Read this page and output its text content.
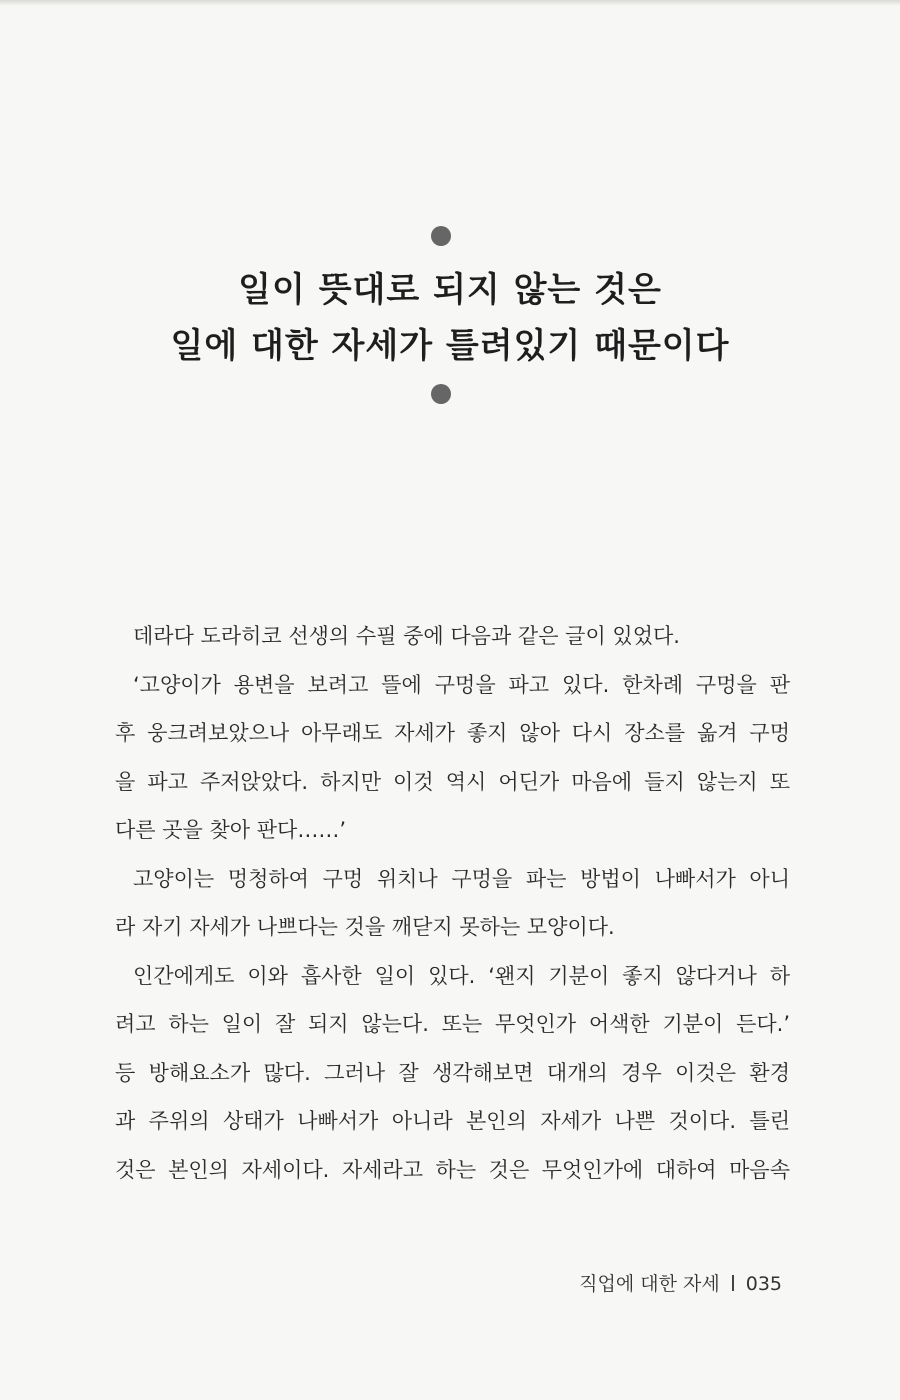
일이 뜻대로 되지 않는 것은
일에 대한 자세가 틀려있기 때문이다
데라다 도라히코 선생의 수필 중에 다음과 같은 글이 있었다.
‘고양이가 용변을 보려고 뜰에 구멍을 파고 있다. 한차례 구멍을 판
후 웅크려보았으나 아무래도 자세가 좋지 않아 다시 장소를 옮겨 구멍
을 파고 주저앉았다. 하지만 이것 역시 어딘가 마음에 들지 않는지 또
다른 곳을 찾아 판다……’
고양이는 멍청하여 구멍 위치나 구멍을 파는 방법이 나빠서가 아니
라 자기 자세가 나쁘다는 것을 깨닫지 못하는 모양이다.
인간에게도 이와 흡사한 일이 있다. ‘왠지 기분이 좋지 않다거나 하
려고 하는 일이 잘 되지 않는다. 또는 무엇인가 어색한 기분이 든다.’
등 방해요소가 많다. 그러나 잘 생각해보면 대개의 경우 이것은 환경
과 주위의 상태가 나빠서가 아니라 본인의 자세가 나쁜 것이다. 틀린
것은 본인의 자세이다. 자세라고 하는 것은 무엇인가에 대하여 마음속
직업에 대한 자세 035
